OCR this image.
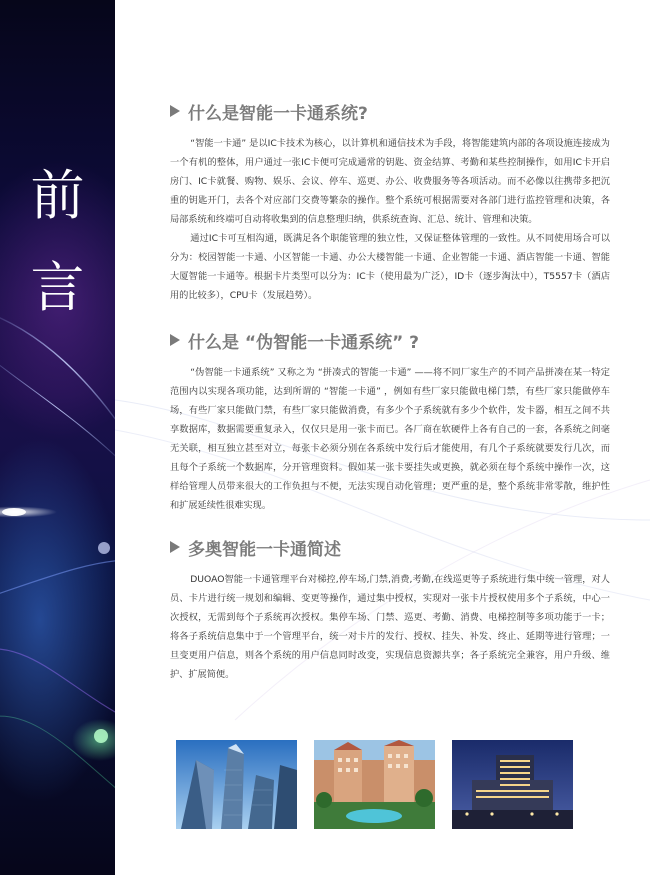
前
言
什么是智能一卡通系统?

“智能一卡通” 是以IC卡技术为核心，以计算机和通信技术为手段，将智能建筑内部的各项设施连接成为一个有机的整体，用户通过一张IC卡便可完成通常的钥匙、资金结算、考勤和某些控制操作，如用IC卡开启房门、IC卡就餐、购物、娱乐、会议、停车、巡更、办公、收费服务等各项活动。而不必像以往携带多把沉重的钥匙开门，去各个对应部门交费等繁杂的操作。整个系统可根据需要对各部门进行监控管理和决策，各局部系统和终端可自动将收集到的信息整理归纳，供系统查询、汇总、统计、管理和决策。

通过IC卡可互相沟通，既满足各个职能管理的独立性，又保证整体管理的一致性。从不同使用场合可以分为：校园智能一卡通、小区智能一卡通、办公大楼智能一卡通、企业智能一卡通、酒店智能一卡通、智能大厦智能一卡通等。根据卡片类型可以分为：IC卡（使用最为广泛），ID卡（逐步淘汰中），T5557卡（酒店用的比较多），CPU卡（发展趋势）。

什么是 “伪智能一卡通系统” ?

“伪智能一卡通系统” 又称之为 “拼凑式的智能一卡通” ——将不同厂家生产的不同产品拼凑在某一特定范围内以实现各项功能，达到所谓的 “智能一卡通” ，例如有些厂家只能做电梯门禁，有些厂家只能做停车场，有些厂家只能做门禁，有些厂家只能做消费，有多少个子系统就有多少个软件，发卡器，相互之间不共享数据库，数据需要重复录入，仅仅只是用一张卡而已。各厂商在软硬件上各有自己的一套，各系统之间毫无关联，相互独立甚至对立，每张卡必须分别在各系统中发行后才能使用，有几个子系统就要发行几次，而且每个子系统一个数据库，分开管理资料。假如某一张卡要挂失或更换，就必须在每个系统中操作一次，这样给管理人员带来很大的工作负担与不便，无法实现自动化管理；更严重的是，整个系统非常零散，维护性和扩展延续性很难实现。

多奥智能一卡通简述

DUOAO智能一卡通管理平台对梯控,停车场,门禁,消费,考勤,在线巡更等子系统进行集中统一管理，对人员、卡片进行统一规划和编辑、变更等操作，通过集中授权，实现对一张卡片授权使用多个子系统，中心一次授权，无需到每个子系统再次授权。集停车场、门禁、巡更、考勤、消费、电梯控制等多项功能于一卡；将各子系统信息集中于一个管理平台，统一对卡片的发行、授权、挂失、补发、终止、延期等进行管理；一旦变更用户信息，则各个系统的用户信息同时改变，实现信息资源共享；各子系统完全兼容，用户升级、维护、扩展简便。
